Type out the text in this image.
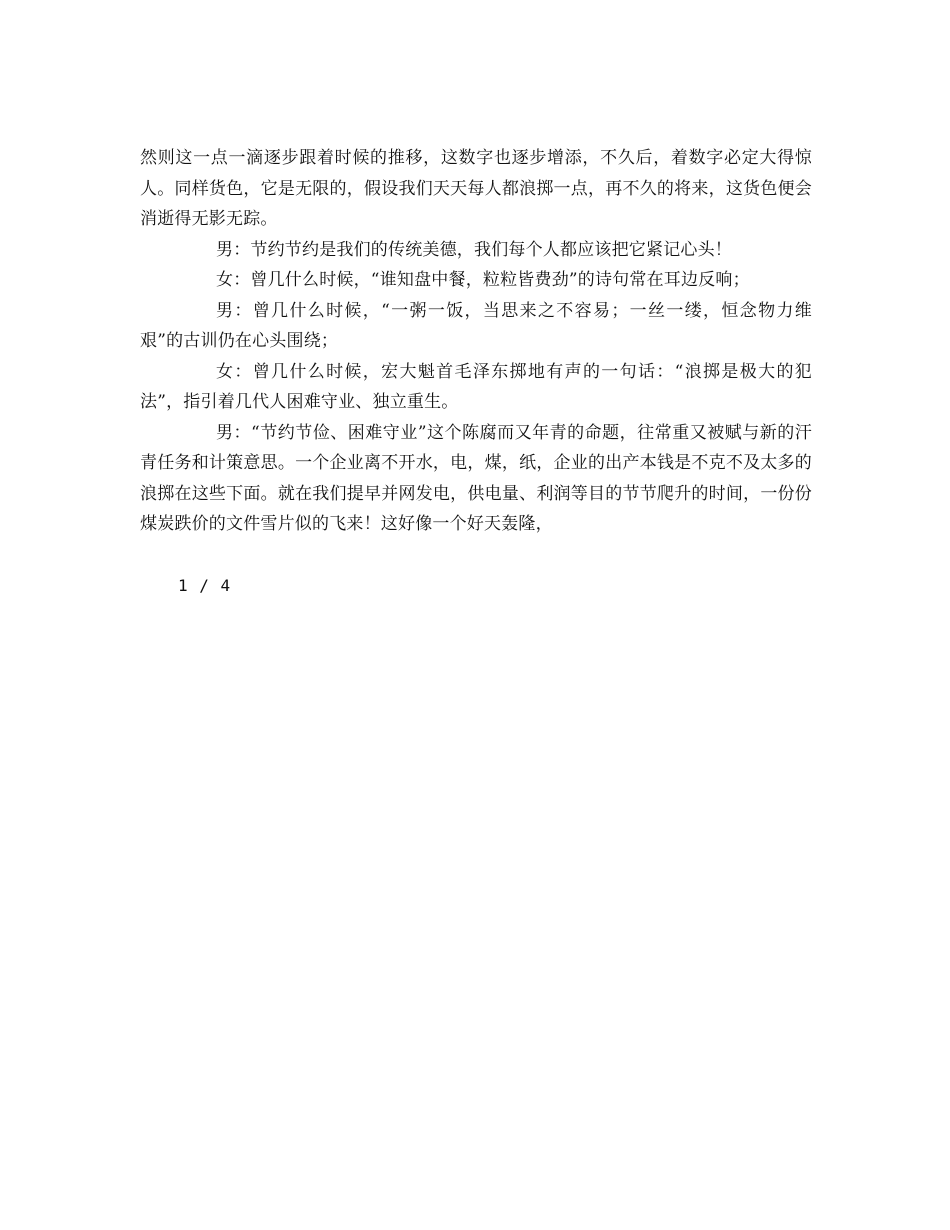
然则这一点一滴逐步跟着时候的推移，这数字也逐步增添，不久后，着数字必定大得惊人。同样货色，它是无限的，假设我们天天每人都浪掷一点，再不久的将来，这货色便会消逝得无影无踪。

男：节约节约是我们的传统美德，我们每个人都应该把它紧记心头！

女：曾几什么时候，“谁知盘中餐，粒粒皆费劲”的诗句常在耳边反响；

男：曾几什么时候，“一粥一饭，当思来之不容易；一丝一缕，恒念物力维艰”的古训仍在心头围绕；

女：曾几什么时候，宏大魁首毛泽东掷地有声的一句话：“浪掷是极大的犯法”，指引着几代人困难守业、独立重生。

男：“节约节俭、困难守业”这个陈腐而又年青的命题，往常重又被赋与新的汗青任务和计策意思。一个企业离不开水，电，煤，纸，企业的出产本钱是不克不及太多的浪掷在这些下面。就在我们提早并网发电，供电量、利润等目的节节爬升的时间，一份份煤炭跌价的文件雪片似的飞来！这好像一个好天轰隆，

1 / 4
